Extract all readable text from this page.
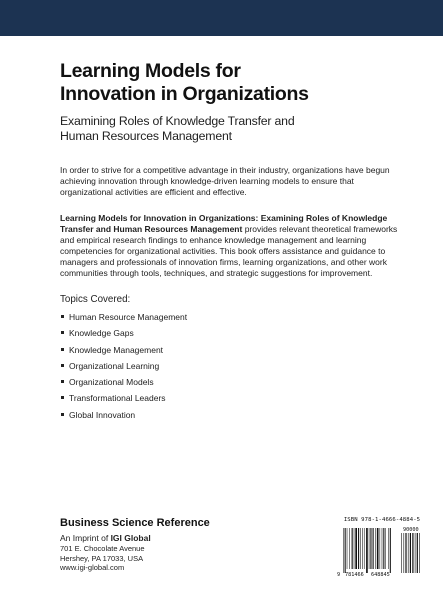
Learning Models for
Innovation in Organizations

Examining Roles of Knowledge Transfer and
Human Resources Management

In order to strive for a competitive advantage in their industry, organizations have begun achieving innovation through knowledge-driven learning models to ensure that organizational activities are efficient and effective.

Learning Models for Innovation in Organizations: Examining Roles of Knowledge Transfer and Human Resources Management provides relevant theoretical frameworks and empirical research findings to enhance knowledge management and learning competencies for organizational activities. This book offers assistance and guidance to managers and professionals of innovation firms, learning organizations, and other work communities through tools, techniques, and strategic suggestions for improvement.

Topics Covered:

Human Resource Management
Knowledge Gaps
Knowledge Management
Organizational Learning
Organizational Models
Transformational Leaders
Global Innovation

Business Science Reference

An Imprint of IGI Global

701 E. Chocolate Avenue

Hershey, PA 17033, USA

www.igi-global.com

ISBN 978-1-4666-4884-5
9 781466 648845
90000
